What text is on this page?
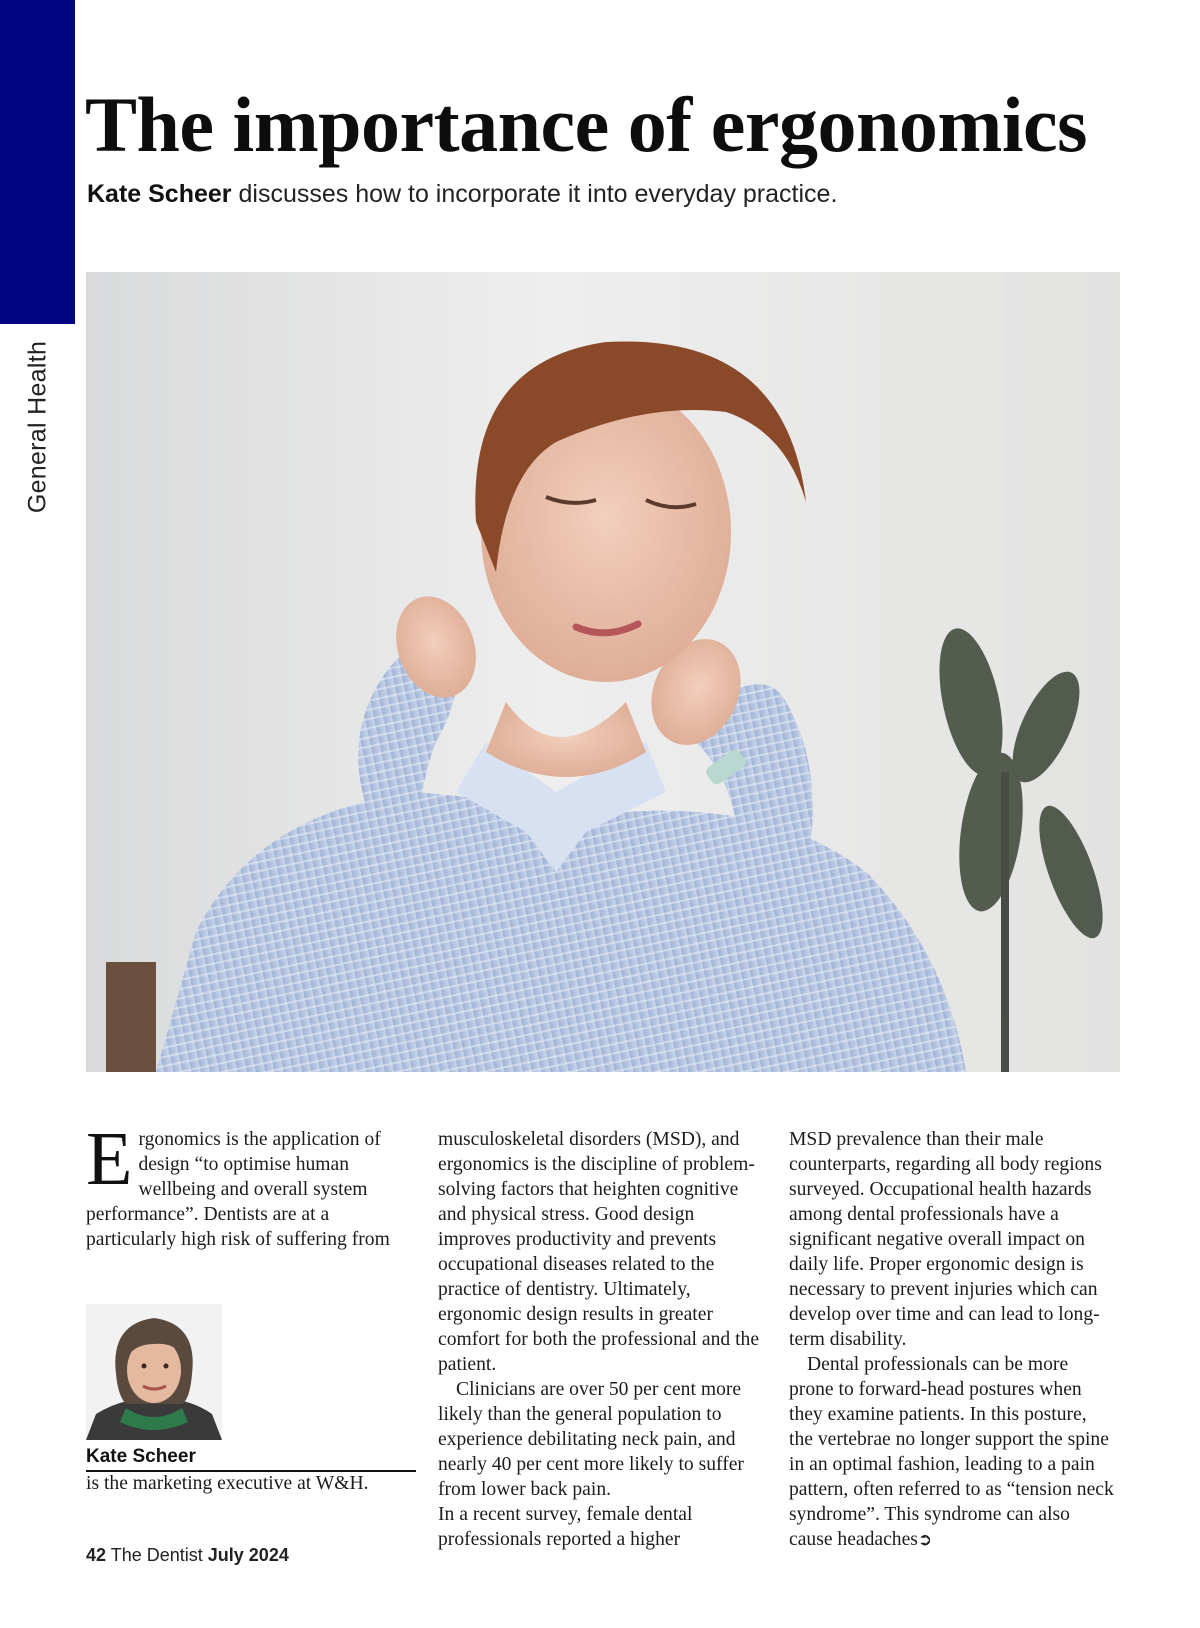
General Health
The importance of ergonomics

Kate Scheer discusses how to incorporate it into everyday practice.

Ergonomics is the application of design “to optimise human wellbeing and overall system performance”. Dentists are at a particularly high risk of suffering from

musculoskeletal disorders (MSD), and ergonomics is the discipline of problem-solving factors that heighten cognitive and physical stress. Good design improves productivity and prevents occupational diseases related to the practice of dentistry. Ultimately, ergonomic design results in greater comfort for both the professional and the patient.

Clinicians are over 50 per cent more likely than the general population to experience debilitating neck pain, and nearly 40 per cent more likely to suffer from lower back pain.

In a recent survey, female dental professionals reported a higher

MSD prevalence than their male counterparts, regarding all body regions surveyed. Occupational health hazards among dental professionals have a significant negative overall impact on daily life. Proper ergonomic design is necessary to prevent injuries which can develop over time and can lead to long-term disability.

Dental professionals can be more prone to forward-head postures when they examine patients. In this posture, the vertebrae no longer support the spine in an optimal fashion, leading to a pain pattern, often referred to as “tension neck syndrome”. This syndrome can also cause headaches➲

Kate Scheer
is the marketing executive at W&H.
42 The Dentist July 2024
